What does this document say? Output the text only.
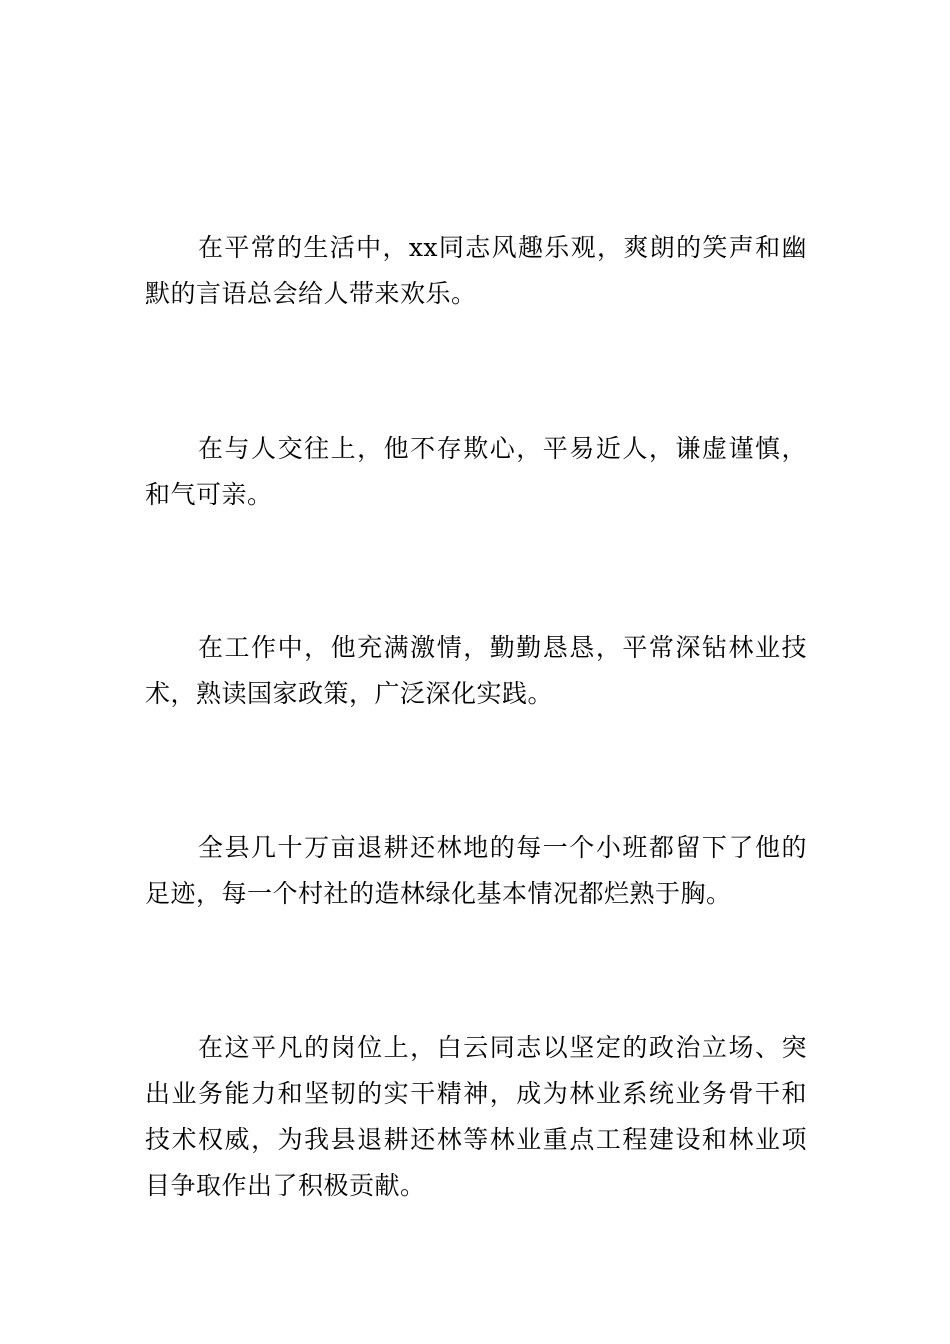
在平常的生活中，xx同志风趣乐观，爽朗的笑声和幽默的言语总会给人带来欢乐。

在与人交往上，他不存欺心，平易近人，谦虚谨慎，和气可亲。

在工作中，他充满激情，勤勤恳恳，平常深钻林业技术，熟读国家政策，广泛深化实践。

全县几十万亩退耕还林地的每一个小班都留下了他的足迹，每一个村社的造林绿化基本情况都烂熟于胸。

在这平凡的岗位上，白云同志以坚定的政治立场、突出业务能力和坚韧的实干精神，成为林业系统业务骨干和技术权威，为我县退耕还林等林业重点工程建设和林业项目争取作出了积极贡献。
